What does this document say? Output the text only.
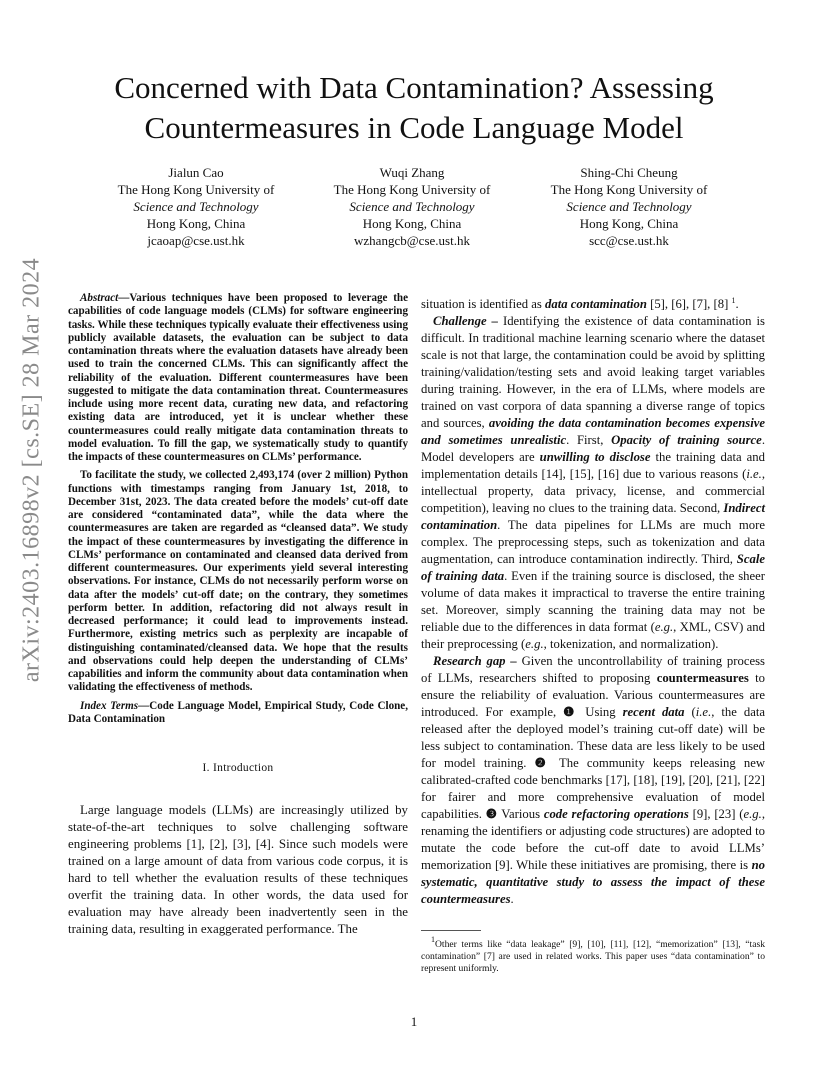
Concerned with Data Contamination? Assessing Countermeasures in Code Language Model
Jialun Cao
The Hong Kong University of
Science and Technology
Hong Kong, China
jcaoap@cse.ust.hk
Wuqi Zhang
The Hong Kong University of
Science and Technology
Hong Kong, China
wzhangcb@cse.ust.hk
Shing-Chi Cheung
The Hong Kong University of
Science and Technology
Hong Kong, China
scc@cse.ust.hk
arXiv:2403.16898v2 [cs.SE] 28 Mar 2024	Abstract—Various techniques have been proposed to leverage the capabilities of code language models (CLMs) for software engineering tasks. While these techniques typically evaluate their effectiveness using publicly available datasets, the evaluation can be subject to data contamination threats where the evaluation datasets have already been used to train the concerned CLMs. This can significantly affect the reliability of the evaluation. Different countermeasures have been suggested to mitigate the data contamination threat. Countermeasures include using more recent data, curating new data, and refactoring existing data are introduced, yet it is unclear whether these countermeasures could really mitigate data contamination threats to model evaluation. To fill the gap, we systematically study to quantify the impacts of these countermeasures on CLMs’ performance.

To facilitate the study, we collected 2,493,174 (over 2 million) Python functions with timestamps ranging from January 1st, 2018, to December 31st, 2023. The data created before the models’ cut-off date are considered “contaminated data”, while the data where the countermeasures are taken are regarded as “cleansed data”. We study the impact of these countermeasures by investigating the difference in CLMs’ performance on contaminated and cleansed data derived from different countermeasures. Our experiments yield several interesting observations. For instance, CLMs do not necessarily perform worse on data after the models’ cut-off date; on the contrary, they sometimes perform better. In addition, refactoring did not always result in decreased performance; it could lead to improvements instead. Furthermore, existing metrics such as perplexity are incapable of distinguishing contaminated/cleansed data. We hope that the results and observations could help deepen the understanding of CLMs’ capabilities and inform the community about data contamination when validating the effectiveness of methods.

Index Terms—Code Language Model, Empirical Study, Code Clone, Data Contamination

I. Introduction

Large language models (LLMs) are increasingly utilized by state-of-the-art techniques to solve challenging software engineering problems [1], [2], [3], [4]. Since such models were trained on a large amount of data from various code corpus, it is hard to tell whether the evaluation results of these techniques overfit the training data. In other words, the data used for evaluation may have already been inadvertently seen in the training data, resulting in exaggerated performance. The

situation is identified as data contamination [5], [6], [7], [8] $^1$.

Challenge – Identifying the existence of data contamination is difficult. In traditional machine learning scenario where the dataset scale is not that large, the contamination could be avoid by splitting training/validation/testing sets and avoid leaking target variables during training. However, in the era of LLMs, where models are trained on vast corpora of data spanning a diverse range of topics and sources, avoiding the data contamination becomes expensive and sometimes unrealistic. First, Opacity of training source. Model developers are unwilling to disclose the training data and implementation details [14], [15], [16] due to various reasons (i.e., intellectual property, data privacy, license, and commercial competition), leaving no clues to the training data. Second, Indirect contamination. The data pipelines for LLMs are much more complex. The preprocessing steps, such as tokenization and data augmentation, can introduce contamination indirectly. Third, Scale of training data. Even if the training source is disclosed, the sheer volume of data makes it impractical to traverse the entire training set. Moreover, simply scanning the training data may not be reliable due to the differences in data format (e.g., XML, CSV) and their preprocessing (e.g., tokenization, and normalization).

Research gap – Given the uncontrollability of training process of LLMs, researchers shifted to proposing countermeasures to ensure the reliability of evaluation. Various countermeasures are introduced. For example, ❶ Using recent data (i.e., the data released after the deployed model’s training cut-off date) will be less subject to contamination. These data are less likely to be used for model training. ❷ The community keeps releasing new calibrated-crafted code benchmarks [17], [18], [19], [20], [21], [22] for fairer and more comprehensive evaluation of model capabilities. ❸ Various code refactoring operations [9], [23] (e.g., renaming the identifiers or adjusting code structures) are adopted to mutate the code before the cut-off date to avoid LLMs’ memorization [9]. While these initiatives are promising, there is no systematic, quantitative study to assess the impact of these countermeasures.

$^1$Other terms like “data leakage” [9], [10], [11], [12], “memorization” [13], “task contamination” [7] are used in related works. This paper uses “data contamination” to represent uniformly.

1
